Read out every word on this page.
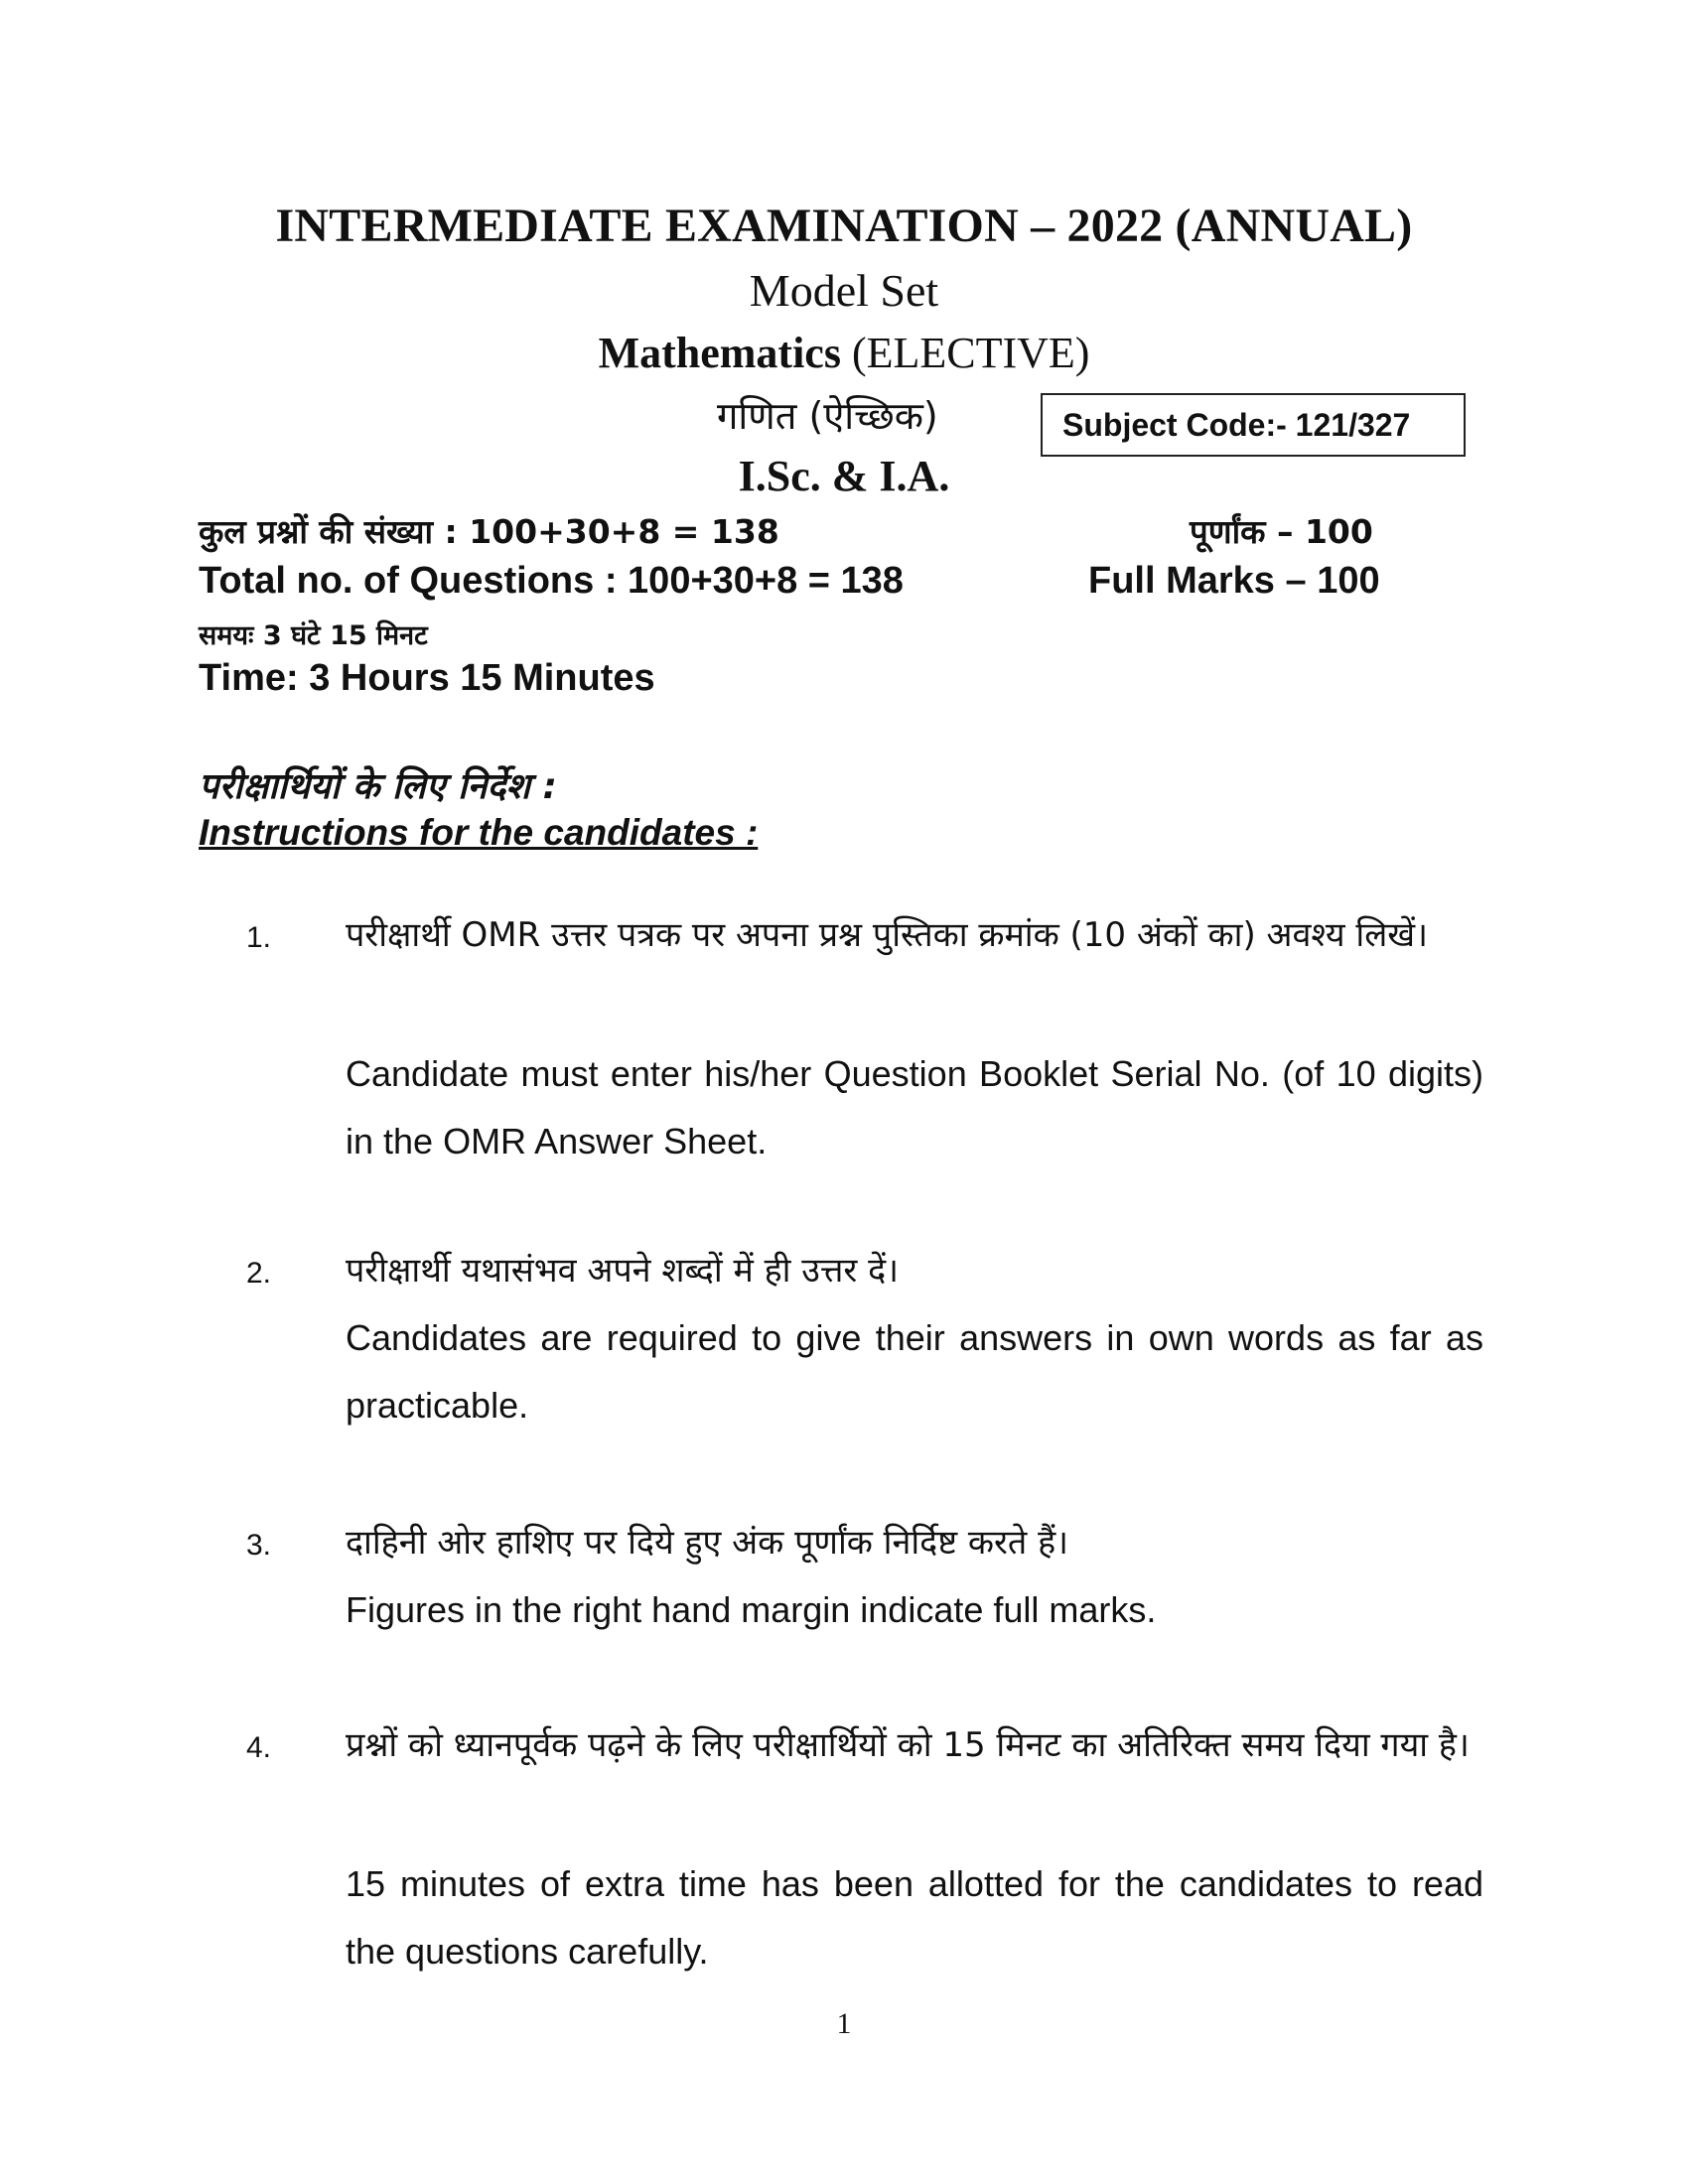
INTERMEDIATE EXAMINATION – 2022 (ANNUAL)
Model Set
Mathematics (ELECTIVE)
गणित (ऐच्छिक)	Subject Code:- 121/327
I.Sc. & I.A.
कुल प्रश्नों की संख्या : 100+30+8 = 138	पूर्णांक – 100
Total no. of Questions : 100+30+8 = 138	Full Marks – 100
समयः 3 घंटे 15 मिनट
Time: 3 Hours 15 Minutes
परीक्षार्थियों के लिए निर्देश :
Instructions for the candidates :
1. परीक्षार्थी OMR उत्तर पत्रक पर अपना प्रश्न पुस्तिका क्रमांक (10 अंकों का) अवश्य लिखें।
Candidate must enter his/her Question Booklet Serial No. (of 10 digits) in the OMR Answer Sheet.
2. परीक्षार्थी यथासंभव अपने शब्दों में ही उत्तर दें।
Candidates are required to give their answers in own words as far as practicable.
3. दाहिनी ओर हाशिए पर दिये हुए अंक पूर्णांक निर्दिष्ट करते हैं।
Figures in the right hand margin indicate full marks.
4. प्रश्नों को ध्यानपूर्वक पढ़ने के लिए परीक्षार्थियों को 15 मिनट का अतिरिक्त समय दिया गया है।
15 minutes of extra time has been allotted for the candidates to read the questions carefully.
1
